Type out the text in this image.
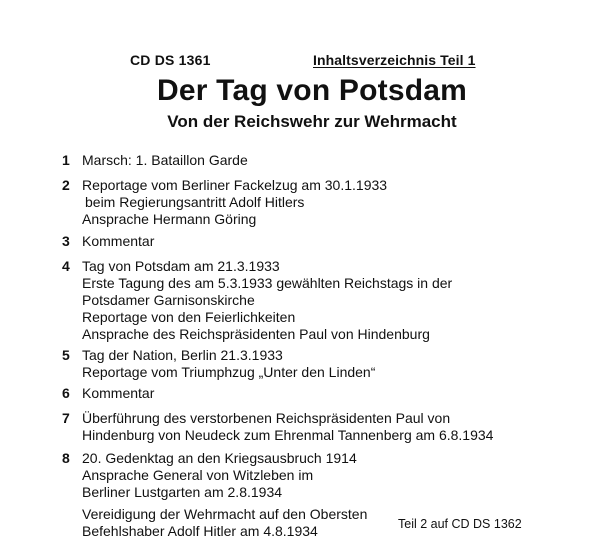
CD DS 1361	Inhaltsverzeichnis Teil 1
Der Tag von Potsdam
Von der Reichswehr zur Wehrmacht
1 Marsch: 1. Bataillon Garde
2 Reportage vom Berliner Fackelzug am 30.1.1933
beim Regierungsantritt Adolf Hitlers
Ansprache Hermann Göring
3 Kommentar
4 Tag von Potsdam am 21.3.1933
Erste Tagung des am 5.3.1933 gewählten Reichstags in der
Potsdamer Garnisonskirche
Reportage von den Feierlichkeiten
Ansprache des Reichspräsidenten Paul von Hindenburg
5 Tag der Nation, Berlin 21.3.1933
Reportage vom Triumphzug „Unter den Linden“
6 Kommentar
7 Überführung des verstorbenen Reichspräsidenten Paul von
Hindenburg von Neudeck zum Ehrenmal Tannenberg am 6.8.1934
8 20. Gedenktag an den Kriegsausbruch 1914
Ansprache General von Witzleben im
Berliner Lustgarten am 2.8.1934
Vereidigung der Wehrmacht auf den Obersten
Befehlshaber Adolf Hitler am 4.8.1934	Teil 2 auf CD DS 1362
